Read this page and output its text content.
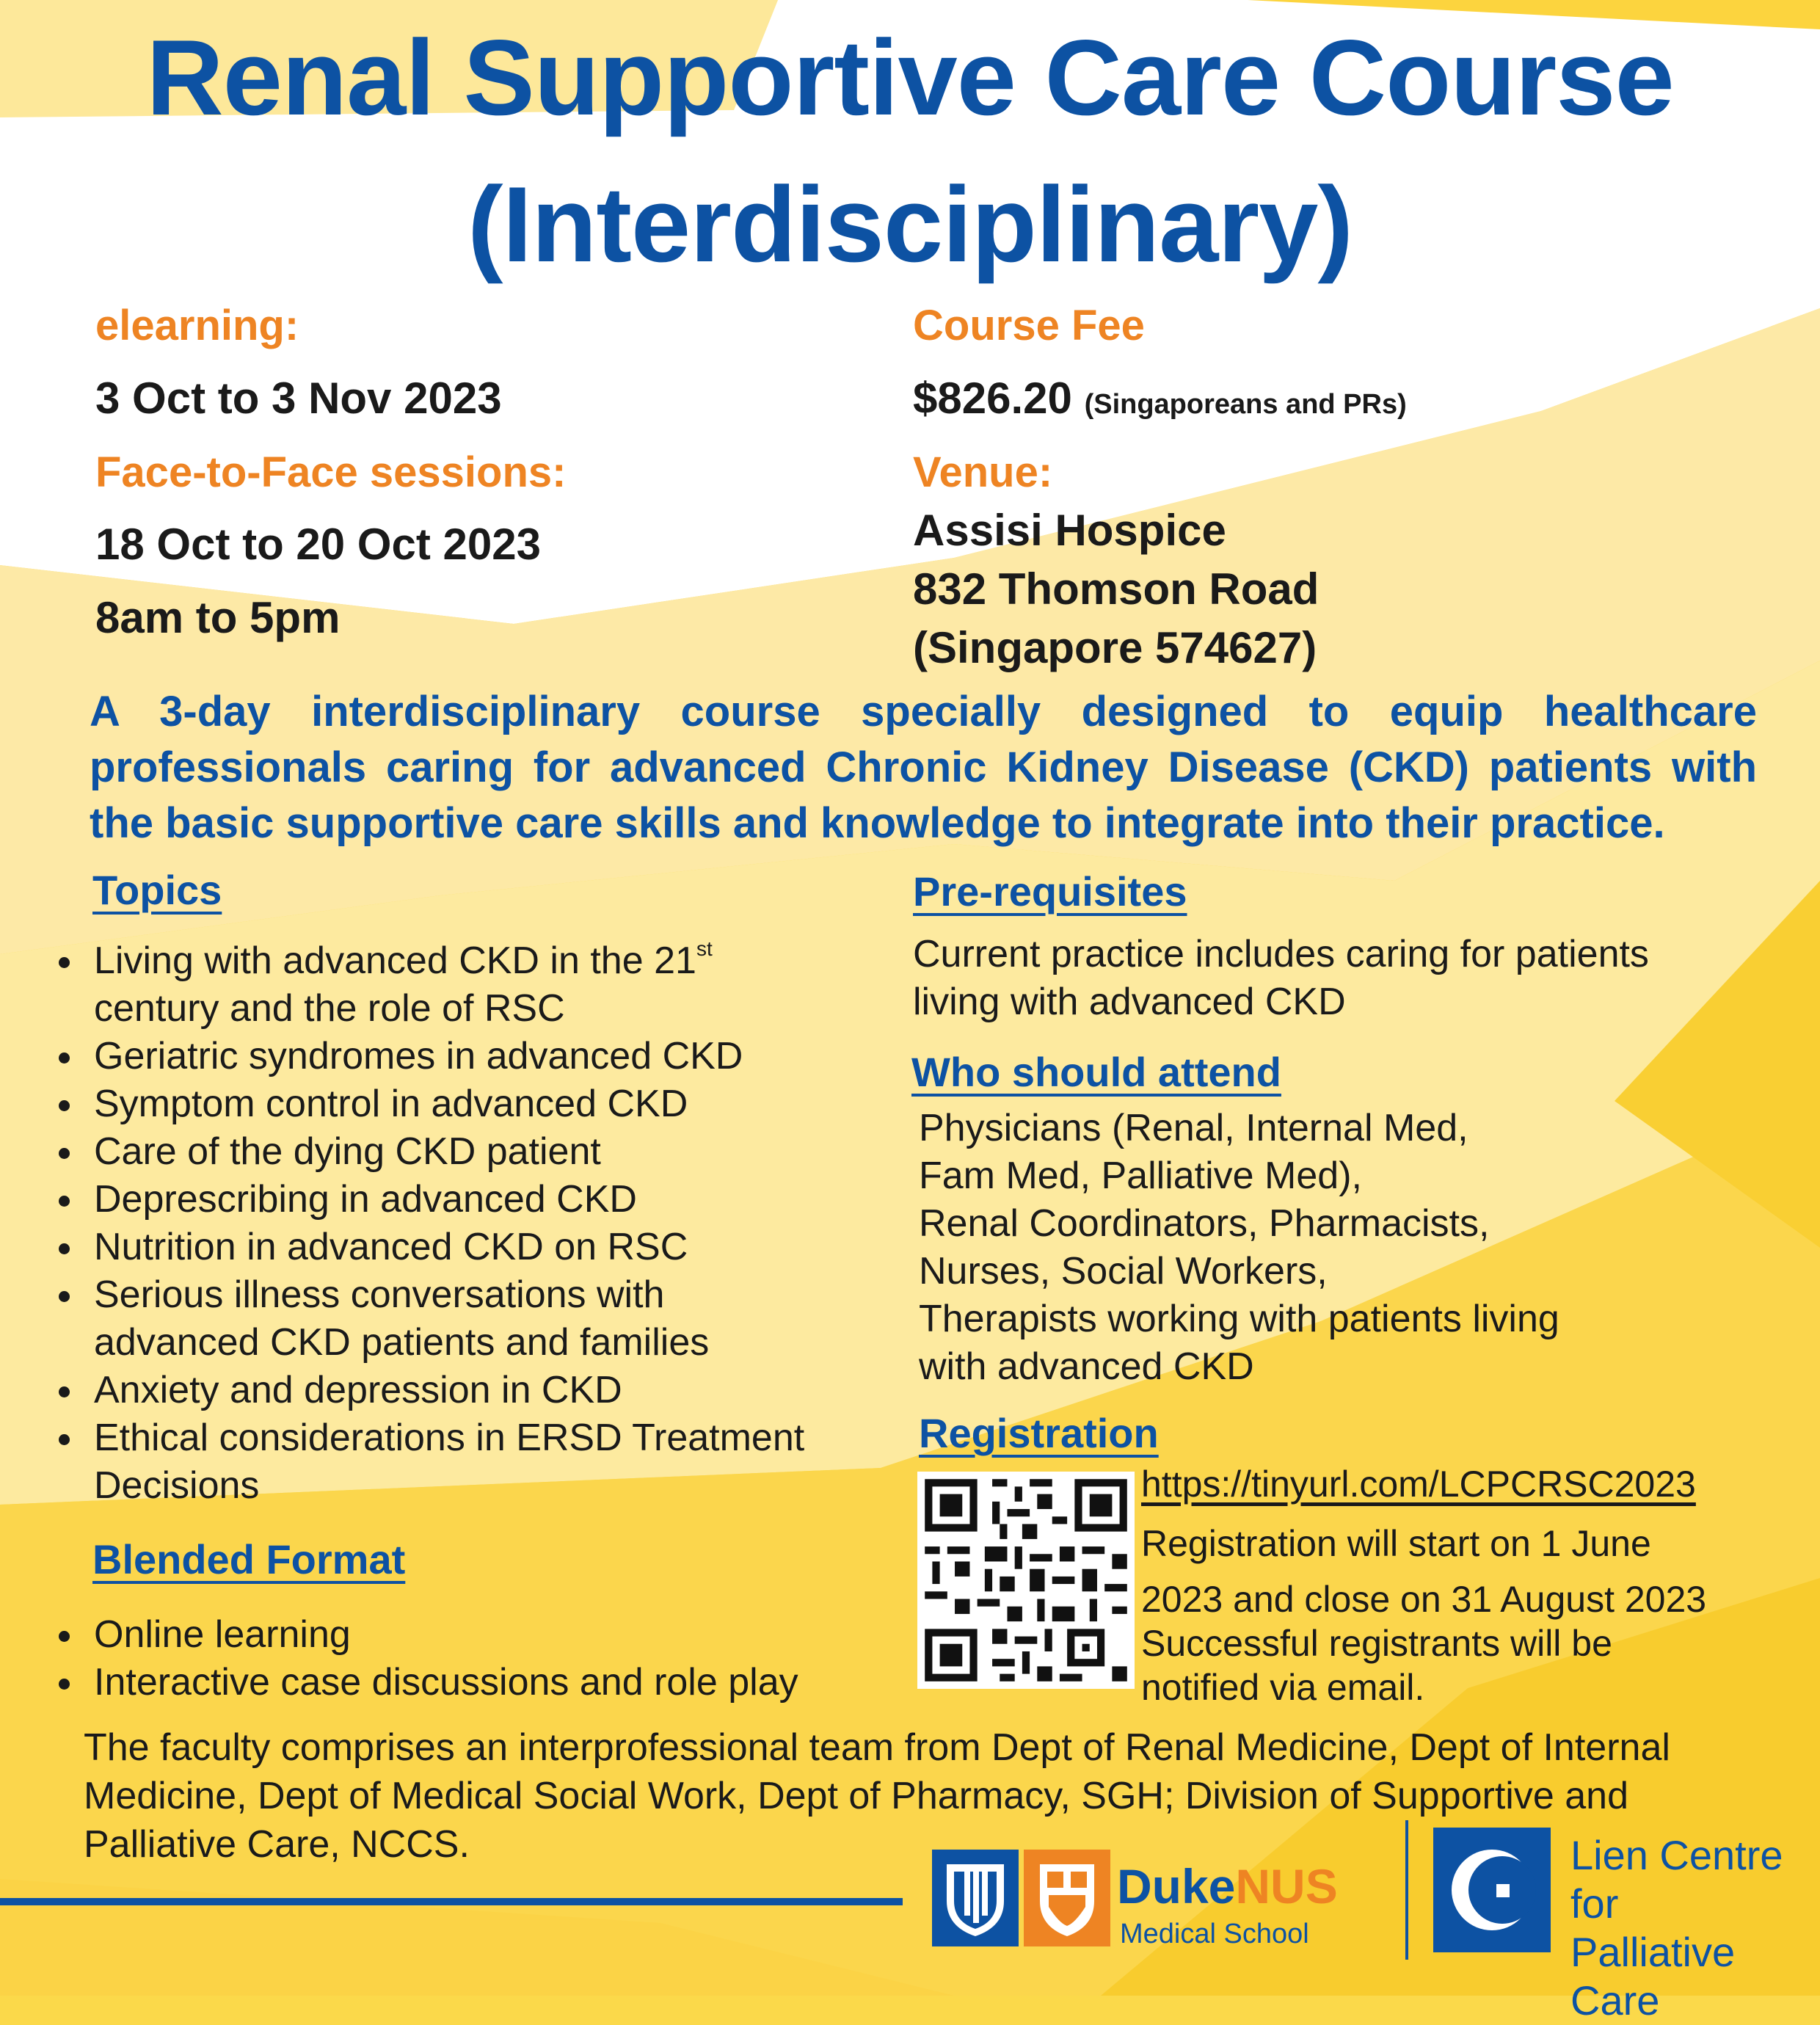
Renal Supportive Care Course
(Interdisciplinary)
elearning:
3 Oct to 3 Nov 2023
Face-to-Face sessions:
18 Oct to 20 Oct 2023
8am to 5pm
Course Fee
$826.20 (Singaporeans and PRs)
Venue:
Assisi Hospice
832 Thomson Road
(Singapore 574627)
A 3-day interdisciplinary course specially designed to equip healthcare professionals caring for advanced Chronic Kidney Disease (CKD) patients with the basic supportive care skills and knowledge to integrate into their practice.
Topics
Living with advanced CKD in the 21st
century and the role of RSC
Geriatric syndromes in advanced CKD
Symptom control in advanced CKD
Care of the dying CKD patient
Deprescribing in advanced CKD
Nutrition in advanced CKD on RSC
Serious illness conversations with advanced CKD patients and families
Anxiety and depression in CKD
Ethical considerations in ERSD Treatment Decisions
Blended Format
Online learning
Interactive case discussions and role play
Pre-requisites
Current practice includes caring for patients living with advanced CKD
Who should attend
Physicians (Renal, Internal Med,
Fam Med, Palliative Med),
Renal Coordinators, Pharmacists,
Nurses, Social Workers,
Therapists working with patients living
with advanced CKD
Registration
https://tinyurl.com/LCPCRSC2023
Registration will start on 1 June
2023 and close on 31 August 2023
Successful registrants will be
notified via email.
The faculty comprises an interprofessional team from Dept of Renal Medicine, Dept of Internal Medicine, Dept of Medical Social Work, Dept of Pharmacy, SGH; Division of Supportive and Palliative Care, NCCS.
DukeNUS
Medical School
Lien Centre for
Palliative Care
